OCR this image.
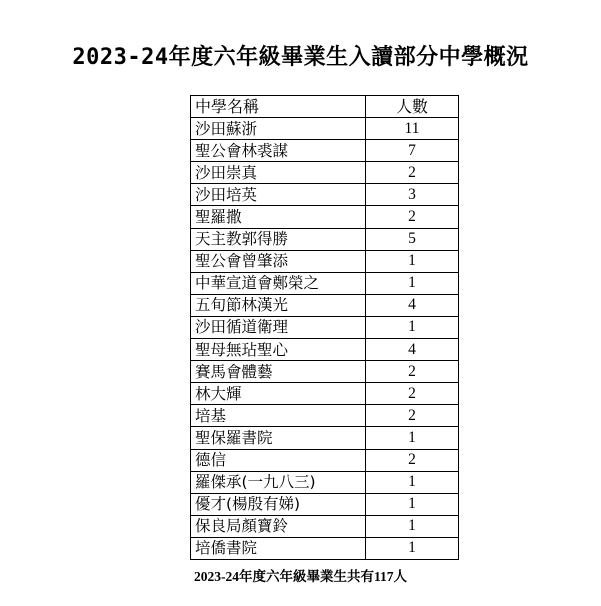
2023-24年度六年級畢業生入讀部分中學概況
中學名稱	人數
沙田蘇浙	11
聖公會林裘謀	7
沙田崇真	2
沙田培英	3
聖羅撒	2
天主教郭得勝	5
聖公會曾肇添	1
中華宣道會鄭榮之	1
五旬節林漢光	4
沙田循道衛理	1
聖母無玷聖心	4
賽馬會體藝	2
林大輝	2
培基	2
聖保羅書院	1
德信	2
羅傑承(一九八三)	1
優才(楊殷有娣)	1
保良局顏寶鈴	1
培僑書院	1
2023-24年度六年級畢業生共有117人
